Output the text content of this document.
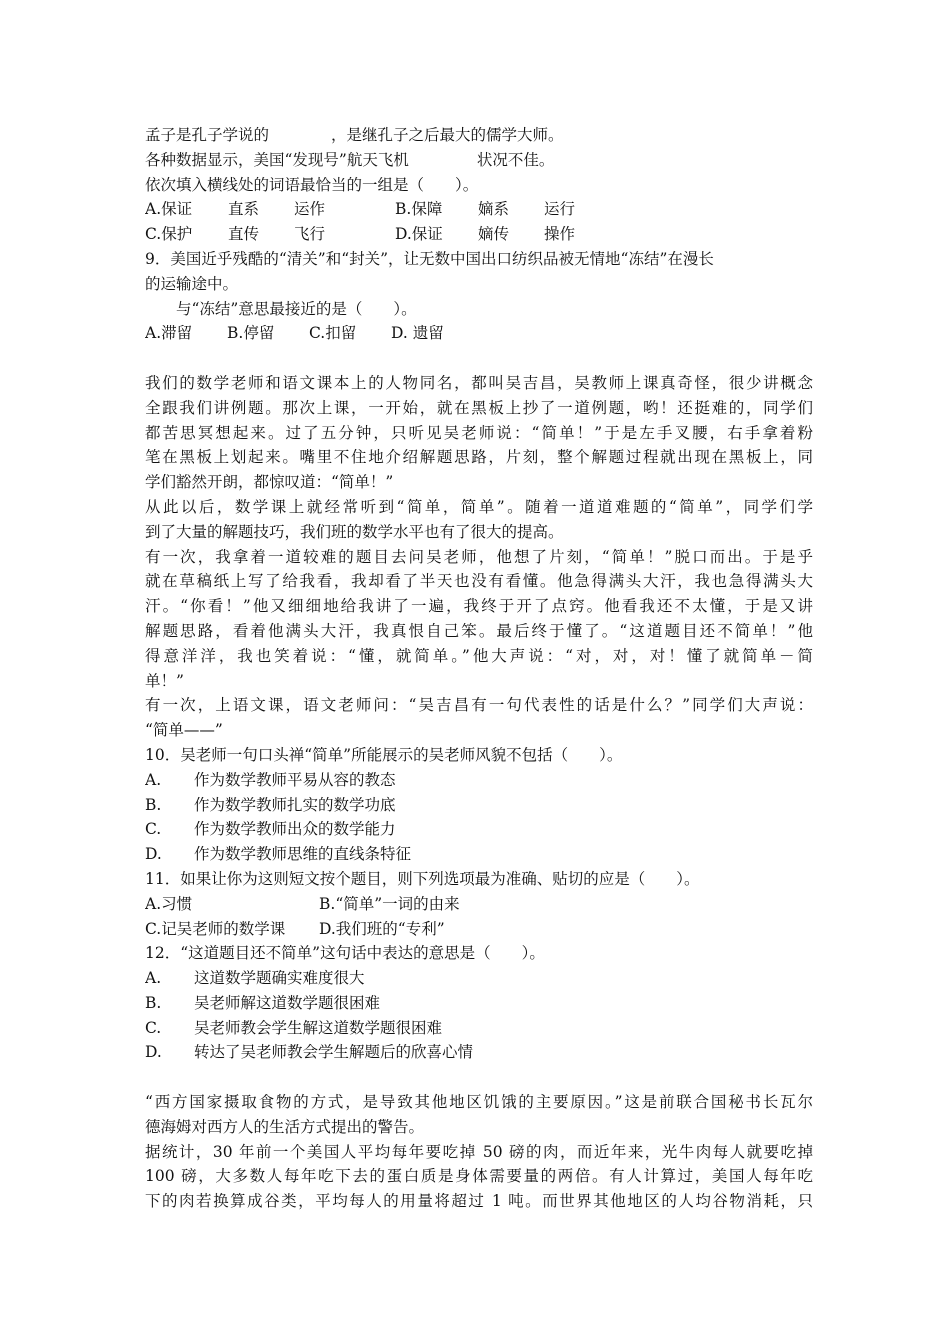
孟子是孔子学说的	，是继孔子之后最大的儒学大师。
各种数据显示，美国“发现号”航天飞机	状况不佳。
依次填入横线处的词语最恰当的一组是（　　）。
A.保证 直系 运作	B.保障 嫡系 运行
C.保护 直传 飞行	D.保证 嫡传 操作
9．美国近乎残酷的“清关”和“封关”，让无数中国出口纺织品被无情地“冻结”在漫长
的运输途中。
与“冻结”意思最接近的是（　　）。
A.滞留 B.停留 C.扣留 D. 遗留
我们的数学老师和语文课本上的人物同名，都叫吴吉昌，吴教师上课真奇怪，很少讲概念
全跟我们讲例题。那次上课，一开始，就在黑板上抄了一道例题，哟！还挺难的，同学们
都苦思冥想起来。过了五分钟，只听见吴老师说：“简单！”于是左手叉腰，右手拿着粉
笔在黑板上划起来。嘴里不住地介绍解题思路，片刻，整个解题过程就出现在黑板上，同
学们豁然开朗，都惊叹道：“简单！”
从此以后，数学课上就经常听到“简单，简单”。随着一道道难题的“简单”，同学们学
到了大量的解题技巧，我们班的数学水平也有了很大的提高。
有一次，我拿着一道较难的题目去问吴老师，他想了片刻，“简单！”脱口而出。于是乎
就在草稿纸上写了给我看，我却看了半天也没有看懂。他急得满头大汗，我也急得满头大
汗。“你看！”他又细细地给我讲了一遍，我终于开了点窍。他看我还不太懂，于是又讲
解题思路，看着他满头大汗，我真恨自己笨。最后终于懂了。“这道题目还不简单！”他
得意洋洋，我也笑着说：“懂，就简单。”他大声说：“对，对，对！懂了就简单－简
单！”
有一次，上语文课，语文老师问：“吴吉昌有一句代表性的话是什么？”同学们大声说：
“简单——”
10．吴老师一句口头禅“简单”所能展示的吴老师风貌不包括（　　）。
A. 作为数学教师平易从容的教态
B. 作为数学教师扎实的数学功底
C. 作为数学教师出众的数学能力
D. 作为数学教师思维的直线条特征
11．如果让你为这则短文按个题目，则下列选项最为准确、贴切的应是（　　）。
A.习惯	B.“简单”一词的由来
C.记吴老师的数学课 D.我们班的“专利”
12．“这道题目还不简单”这句话中表达的意思是（　　）。
A. 这道数学题确实难度很大
B. 吴老师解这道数学题很困难
C. 吴老师教会学生解这道数学题很困难
D. 转达了吴老师教会学生解题后的欣喜心情
“西方国家摄取食物的方式，是导致其他地区饥饿的主要原因。”这是前联合国秘书长瓦尔
德海姆对西方人的生活方式提出的警告。
据统计，30 年前一个美国人平均每年要吃掉 50 磅的肉，而近年来，光牛肉每人就要吃掉
100 磅，大多数人每年吃下去的蛋白质是身体需要量的两倍。有人计算过，美国人每年吃
下的肉若换算成谷类，平均每人的用量将超过 1 吨。而世界其他地区的人均谷物消耗，只
